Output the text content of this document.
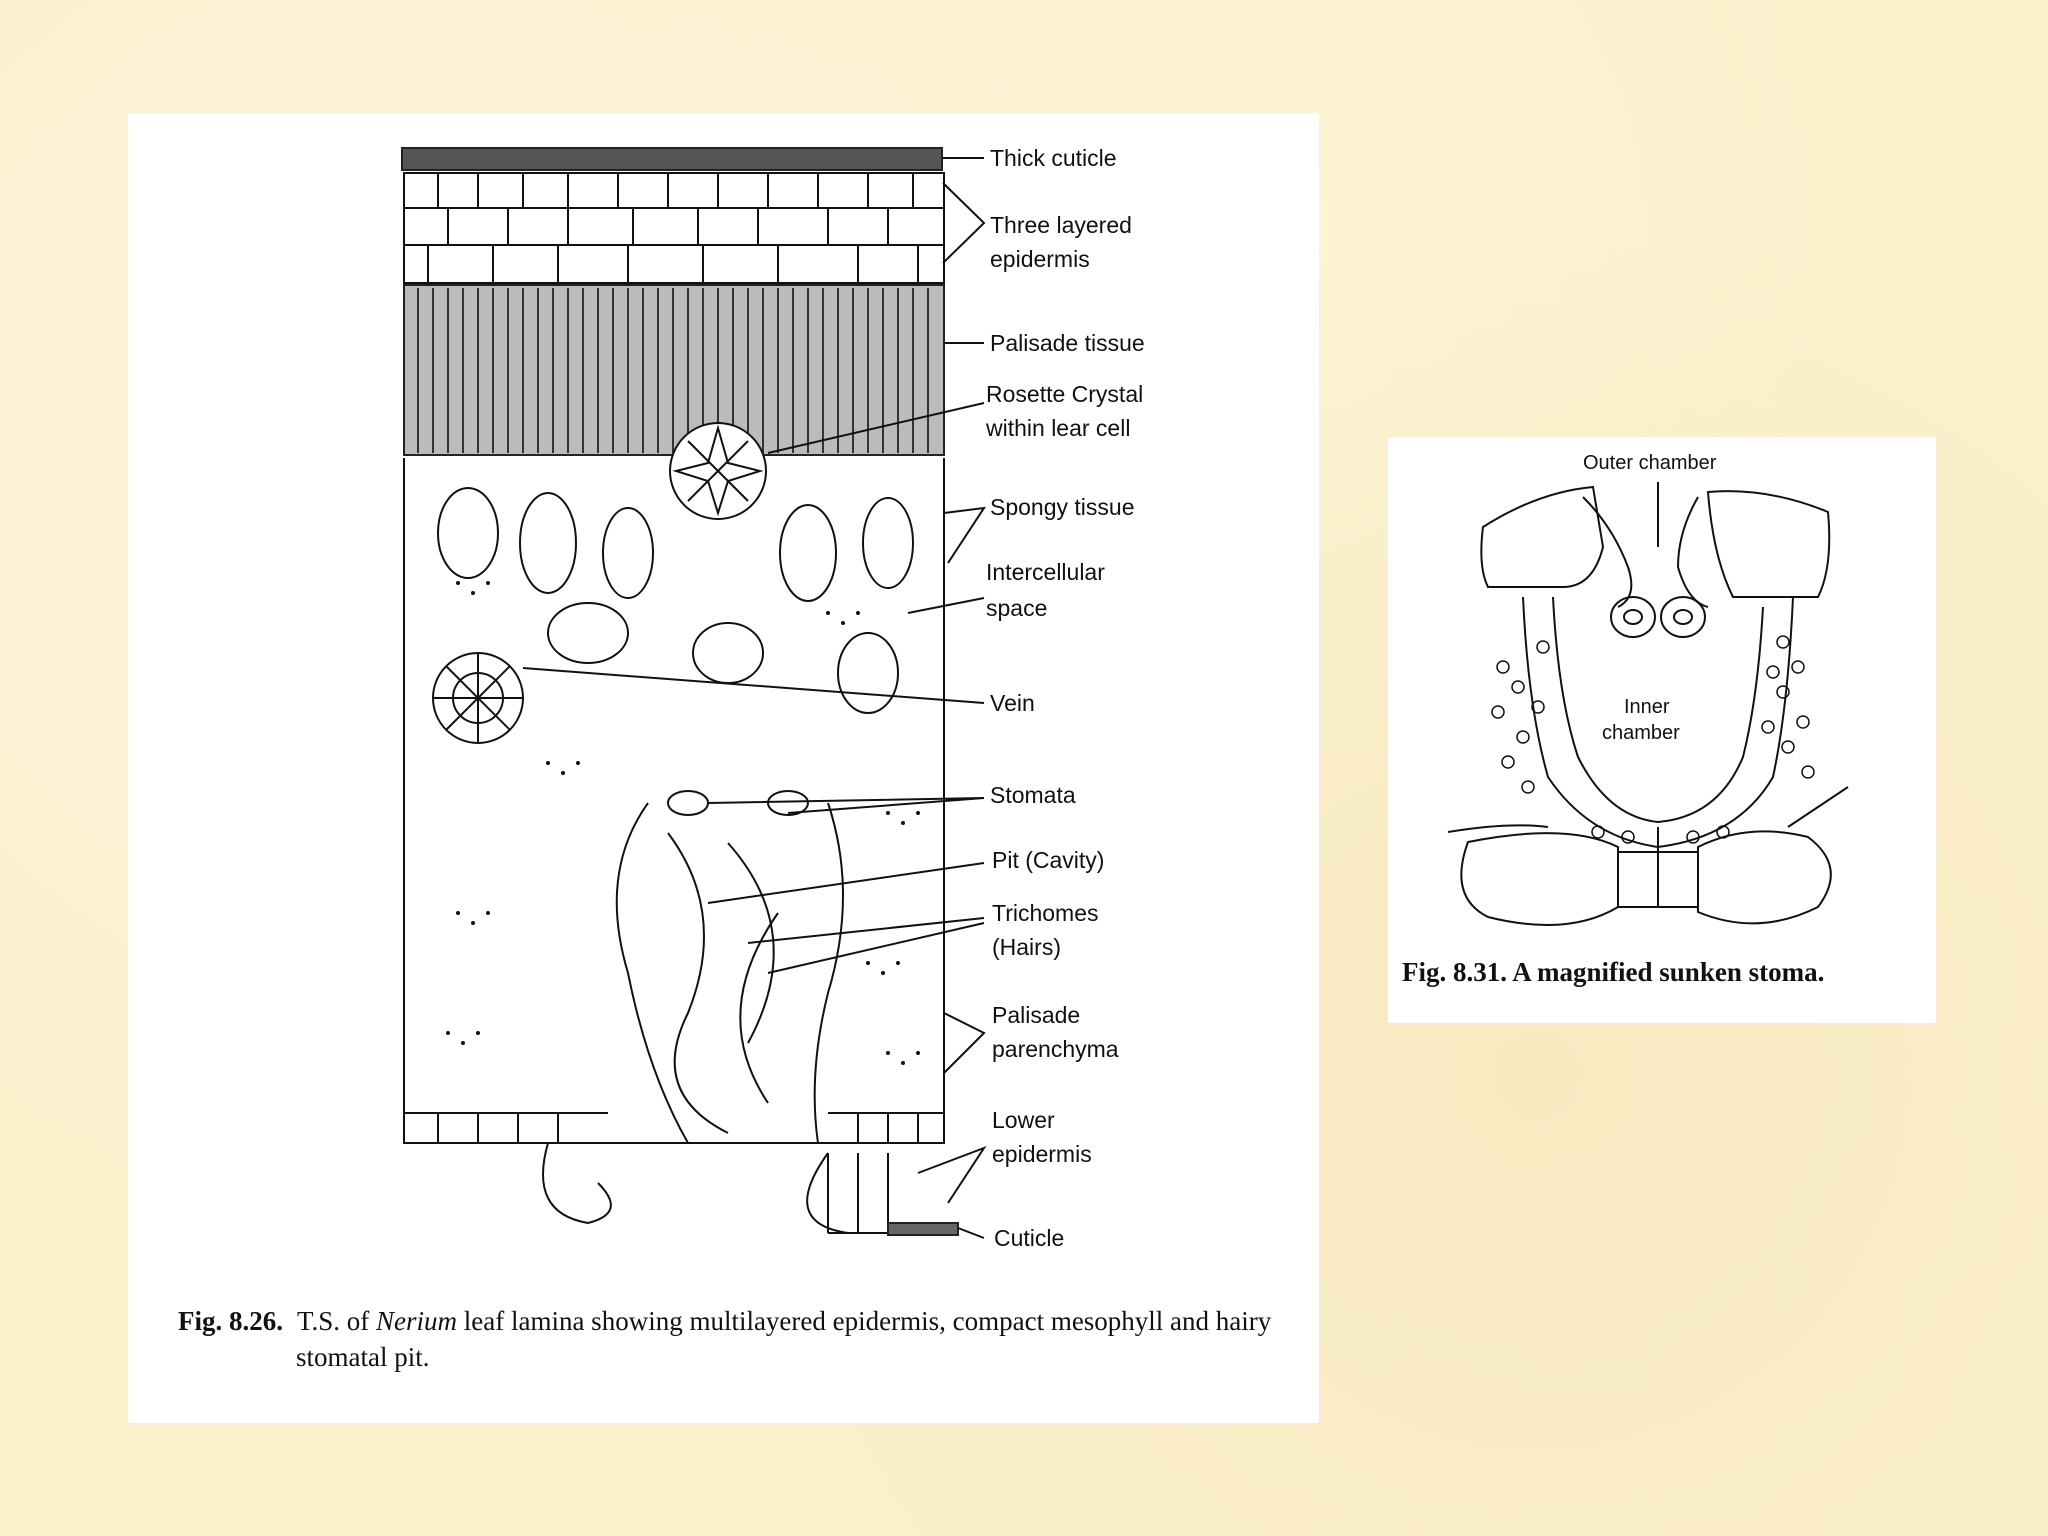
Thick cuticle
Three layered
epidermis
Palisade tissue
Rosette Crystal
within lear cell
Spongy tissue
Intercellular
space
Vein
Stomata
Pit (Cavity)
Trichomes
(Hairs)
Palisade
parenchyma
Lower
epidermis
Cuticle
Fig. 8.26. T.S. of Nerium leaf lamina showing multilayered epidermis, compact mesophyll and hairy
stomatal pit.
Outer chamber
Inner
chamber
Fig. 8.31. A magnified sunken stoma.
